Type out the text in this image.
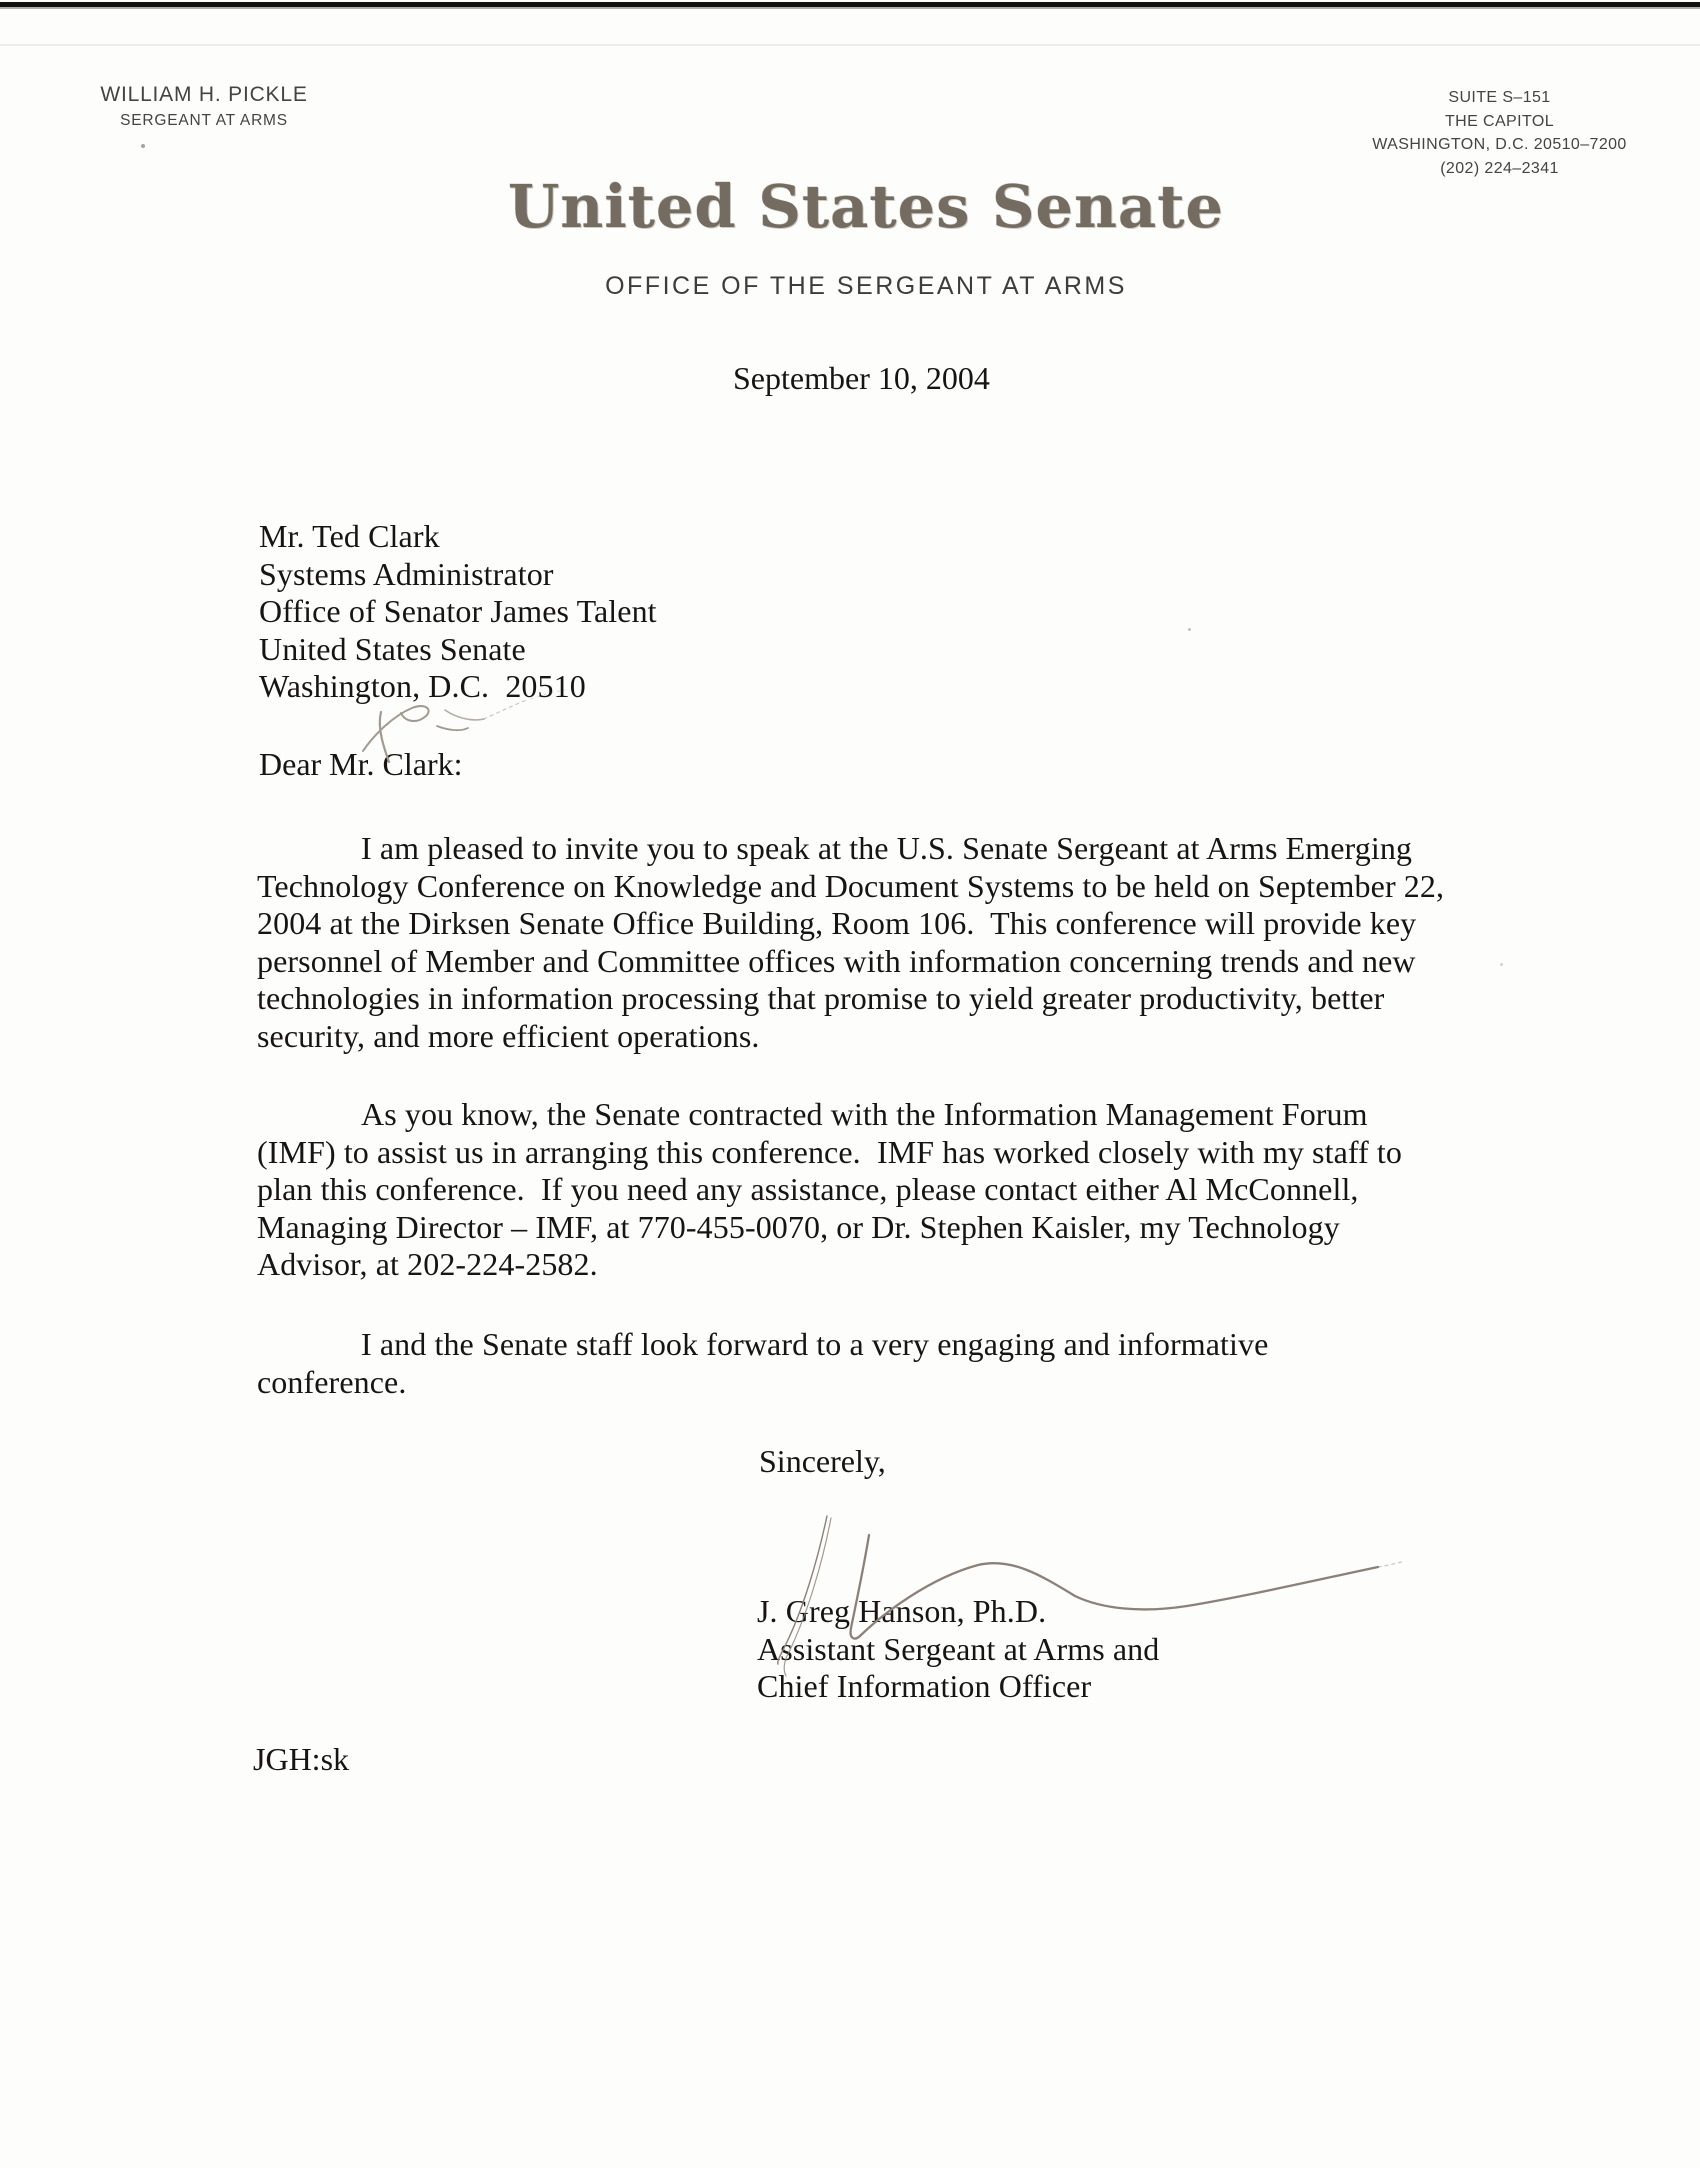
WILLIAM H. PICKLE
SERGEANT AT ARMS
SUITE S–151
THE CAPITOL
WASHINGTON, D.C. 20510–7200
(202) 224–2341
United States Senate
OFFICE OF THE SERGEANT AT ARMS
September 10, 2004
Mr. Ted Clark
Systems Administrator
Office of Senator James Talent
United States Senate
Washington, D.C.  20510
Dear Mr. Clark:
I am pleased to invite you to speak at the U.S. Senate Sergeant at Arms Emerging
Technology Conference on Knowledge and Document Systems to be held on September 22,
2004 at the Dirksen Senate Office Building, Room 106.  This conference will provide key
personnel of Member and Committee offices with information concerning trends and new
technologies in information processing that promise to yield greater productivity, better
security, and more efficient operations.
As you know, the Senate contracted with the Information Management Forum
(IMF) to assist us in arranging this conference.  IMF has worked closely with my staff to
plan this conference.  If you need any assistance, please contact either Al McConnell,
Managing Director – IMF, at 770-455-0070, or Dr. Stephen Kaisler, my Technology
Advisor, at 202-224-2582.
I and the Senate staff look forward to a very engaging and informative
conference.
Sincerely,
J. Greg Hanson, Ph.D.
Assistant Sergeant at Arms and
Chief Information Officer
JGH:sk
